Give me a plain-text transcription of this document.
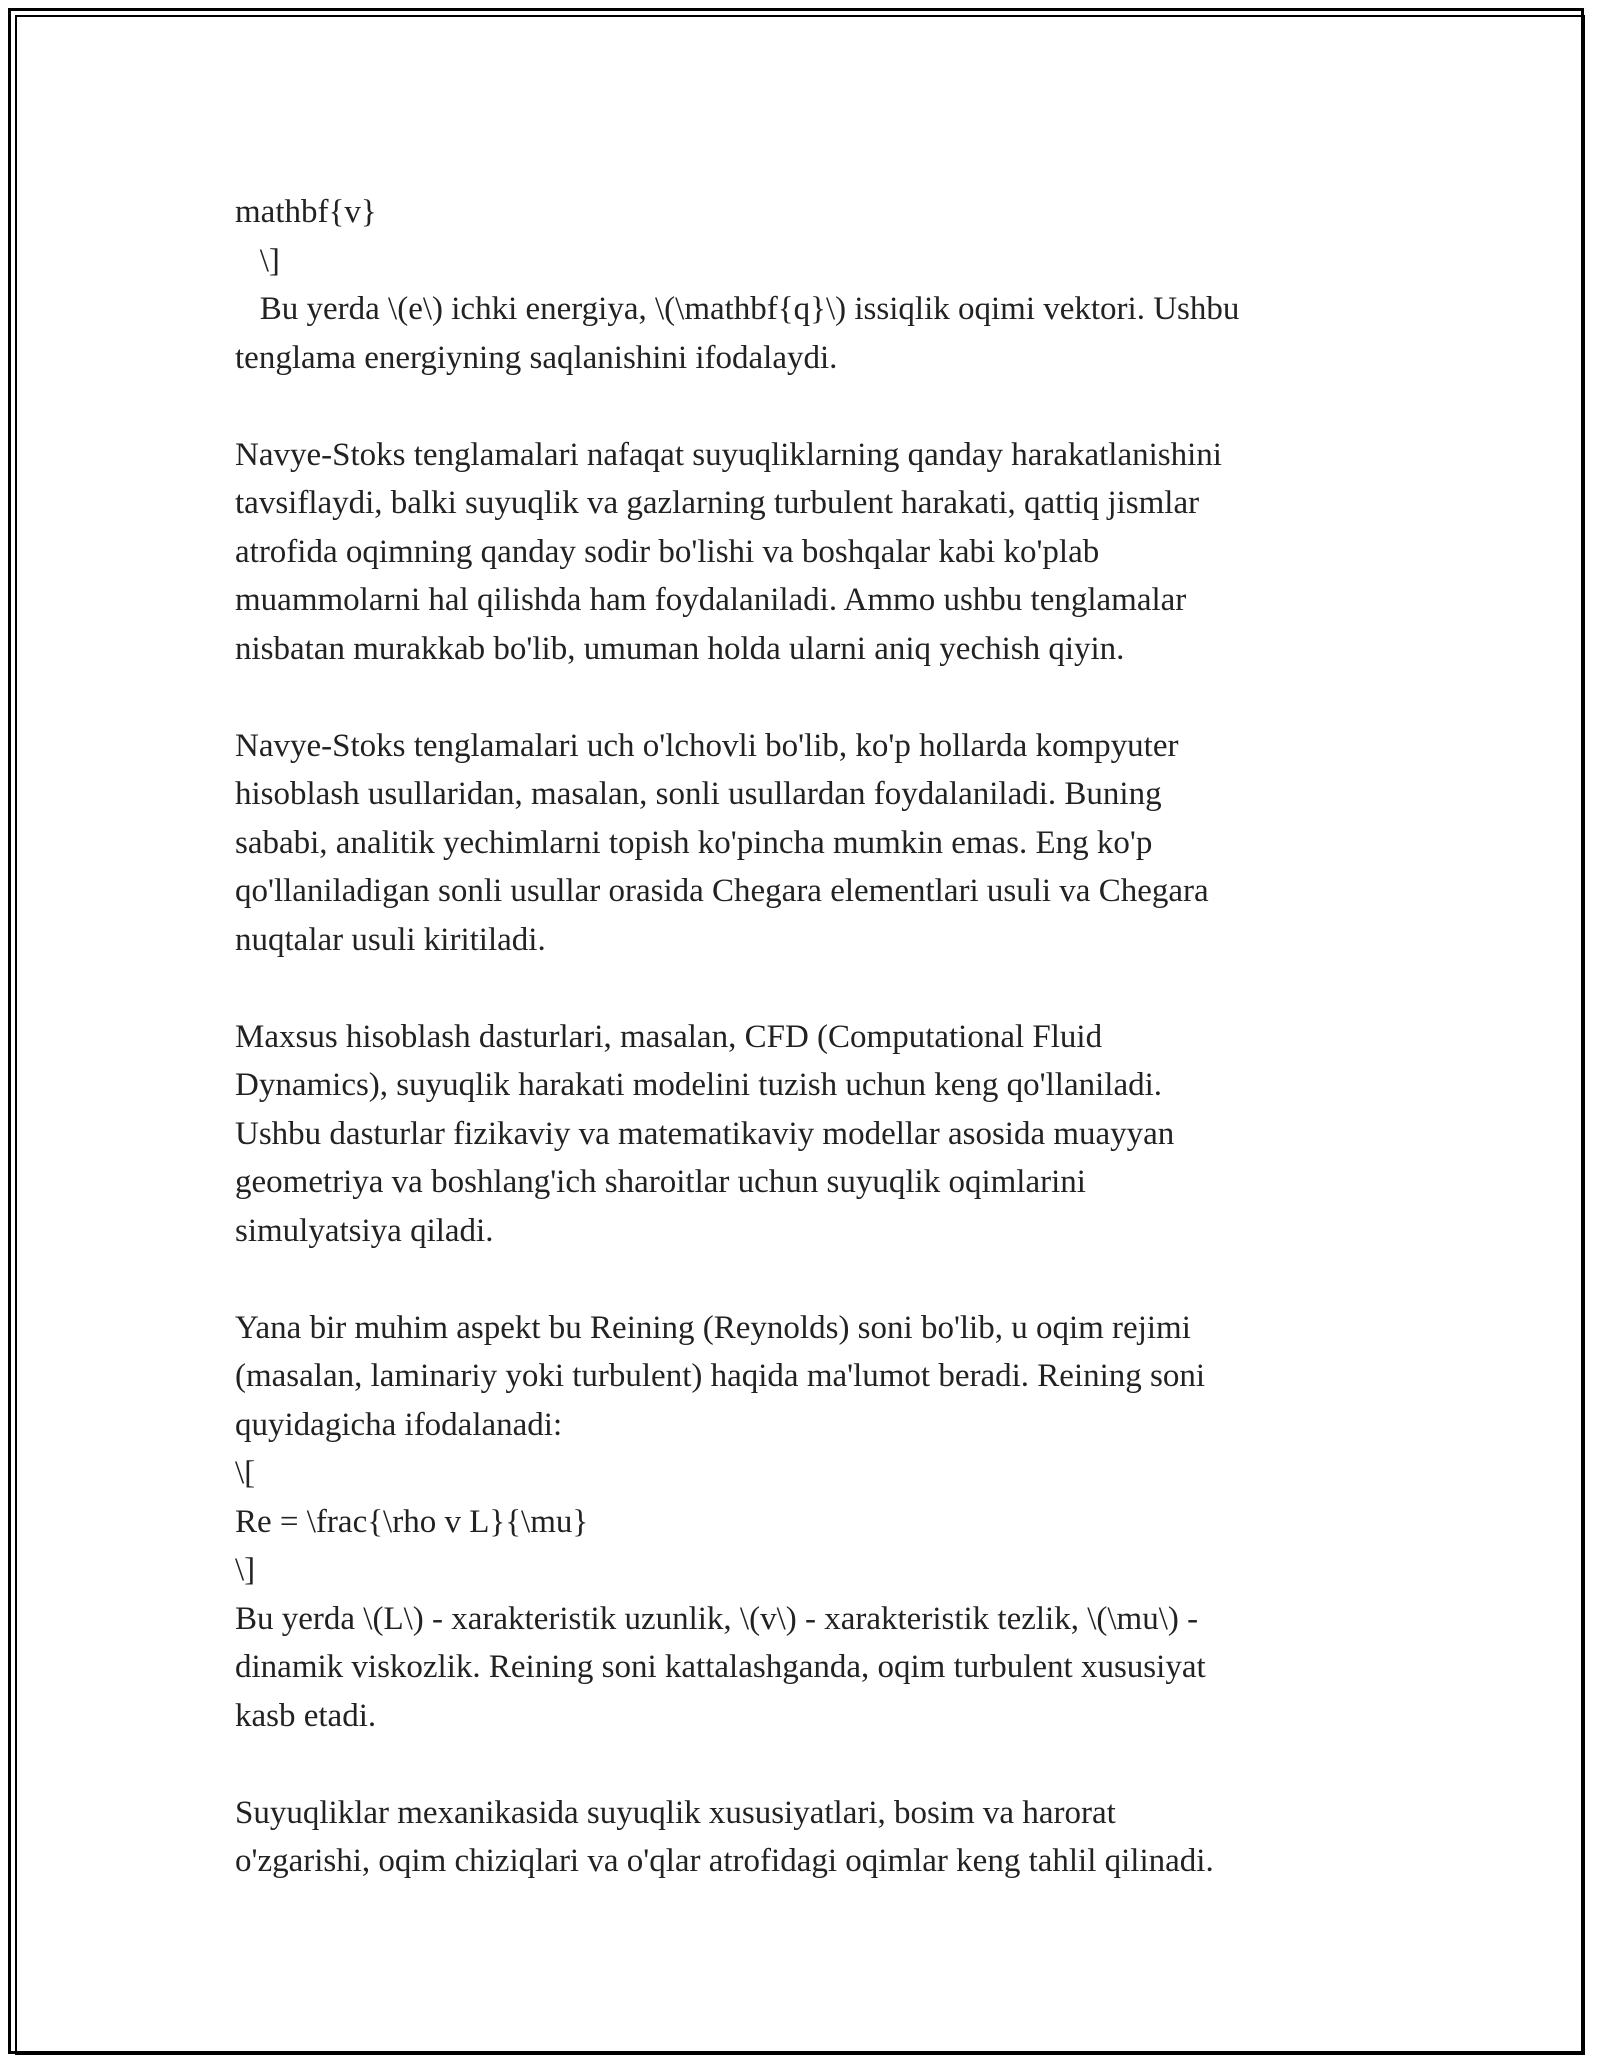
mathbf{v}
\]
Bu yerda \(e\) ichki energiya, \(\mathbf{q}\) issiqlik oqimi vektori. Ushbu
tenglama energiyning saqlanishini ifodalaydi.

Navye-Stoks tenglamalari nafaqat suyuqliklarning qanday harakatlanishini
tavsiflaydi, balki suyuqlik va gazlarning turbulent harakati, qattiq jismlar
atrofida oqimning qanday sodir bo'lishi va boshqalar kabi ko'plab
muammolarni hal qilishda ham foydalaniladi. Ammo ushbu tenglamalar
nisbatan murakkab bo'lib, umuman holda ularni aniq yechish qiyin.

Navye-Stoks tenglamalari uch o'lchovli bo'lib, ko'p hollarda kompyuter
hisoblash usullaridan, masalan, sonli usullardan foydalaniladi. Buning
sababi, analitik yechimlarni topish ko'pincha mumkin emas. Eng ko'p
qo'llaniladigan sonli usullar orasida Chegara elementlari usuli va Chegara
nuqtalar usuli kiritiladi.

Maxsus hisoblash dasturlari, masalan, CFD (Computational Fluid
Dynamics), suyuqlik harakati modelini tuzish uchun keng qo'llaniladi.
Ushbu dasturlar fizikaviy va matematikaviy modellar asosida muayyan
geometriya va boshlang'ich sharoitlar uchun suyuqlik oqimlarini
simulyatsiya qiladi.

Yana bir muhim aspekt bu Reining (Reynolds) soni bo'lib, u oqim rejimi
(masalan, laminariy yoki turbulent) haqida ma'lumot beradi. Reining soni
quyidagicha ifodalanadi:
\[
Re = \frac{\rho v L}{\mu}
\]
Bu yerda \(L\) - xarakteristik uzunlik, \(v\) - xarakteristik tezlik, \(\mu\) -
dinamik viskozlik. Reining soni kattalashganda, oqim turbulent xususiyat
kasb etadi.

Suyuqliklar mexanikasida suyuqlik xususiyatlari, bosim va harorat
o'zgarishi, oqim chiziqlari va o'qlar atrofidagi oqimlar keng tahlil qilinadi.
